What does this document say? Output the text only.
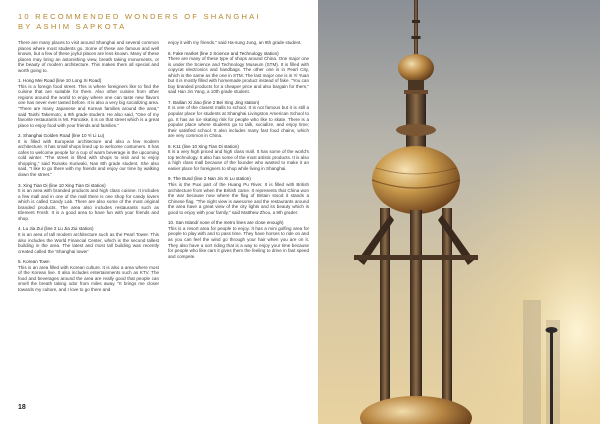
10 RECOMMENDED WONDERS OF SHANGHAI
BY ASHIM SAPKOTA

There are many places to visit around Shanghai and several common places where most students go. Some of these are famous and well known, but a few of these joyful places are less known. Many of these places may bring an astonishing view, breath taking monuments, or the beauty of modern architecture. This makes them all special and worth going to.

1. Hong Mei Road (line 10 Long Xi Road)

This is a foreign food street. This is where foreigners like to find the cuisine that are suitable for them. Also other cuisine from other regions around the world to enjoy where one can taste new flavors one has never ever tasted before. It is also a very big socializing area. "There are many Japanese and Korean families around the area," said Taishi Takemoto, a 9th grade student. He also said, "One of my favorite restaurants is Mr. Pancake, it is on that street which is a great place to enjoy food with your friends and families."

2. Shanghai Golden Road (line 10 Yi Li Lu)

It is filled with European architecture and also a few modern architecture. It has small shops lined up to welcome costumers. It has cafes to welcome people for a cup of warm beverage in the upcoming cold winter. "The street is filled with shops to visit and to enjoy shopping," said Runako Kuriwaki, Nan 8th grade student. She also said, "I like to go there with my friends and enjoy our time by walking down the street."

3. Xing Tian Di (line 10 Xing Tian Di station)

It is an area with branded products and high class cuisine. It includes a few mall and in one of the mall there is one shop for candy lovers which is called Candy Lab. There are also some of the most original branded products. The area also includes restaurants such as Element Fresh. It is a good area to have fun with your friends and shop.

4. Lu Jia Zui (line 2 Lu Jia Zui station)

It is an area of tall modern architecture such as the Pearl Tower. This also includes the World Financial Center, which is the second tallest building in the area. The latest and most tall building was recently created called the 'Shanghai tower'

5. Korean Town

This is an area filled with Korean culture. It is also a area where most of the Korean live. It also includes entertainments such as KTV. The food and beverages around the area are really good that people can smell the breath taking odor from miles away. "It brings me closer towards my culture, and I love to go there and

enjoy it with my friends," said Ha-sung Jung, an 9th grade student.

6. Fake market (line 2 Science and Technology station)

There are many of these type of shops around China. One major one is under the Science and Technology Museum (STM). It is filled with copycat electronics and handbags. The other one is in Pearl City, which is the same as the one in STM. The last major one is in Yi Yuan but it is mostly filled with homemade product instead of fake. "You can buy branded products for a cheaper price and also bargain for them," said Han Jin Yang, a 10th grade student.

7. Bailian Xi Jiao (line 2 Bei Xing Jing station)

It is one of the closest malls to school. It is not famous but it is still a popular place for students at Shanghai Livingston American School to go. It has an ice skating rink for people who like to skate. There is a popular place where students go to talk, socialize, and enjoy time; their satisfied school. It also includes many fast food chains, which are very common in China.

8. K11 (line 10 Xing Tian Di station)

It is a very high priced and high class mall. It has some of the world's top technology. It also has some of the most artistic products. It is also a high class mall because of the founder who wanted to make it an easier place for foreigners to shop while living in Shanghai.

9. The Bund (line 2 Nan Jin Xi Lu station)

This is the Puxi part of the Huang Pu River. It is filled with British architecture from when the British came. It represents that China won the war because now where the flag of Britain stood it stands a Chinese flag. "The night view is awesome and the restaurants around the area have a great view of the city lights and its beauty which is good to enjoy with your family," said Matthew Zhou, a 9th grader.

10. San Island/ none of the metro lines are close enough)

This is a resort area for people to enjoy. It has a mini golfing area for people to play with and to pass time. They have horses to ride on and as you can feel the wind go through your hair when you are on it. They also have a sort riding that is a way to enjoy your time because for people who like cars it gives them the feeling to drive in fast speed and compete.

18
